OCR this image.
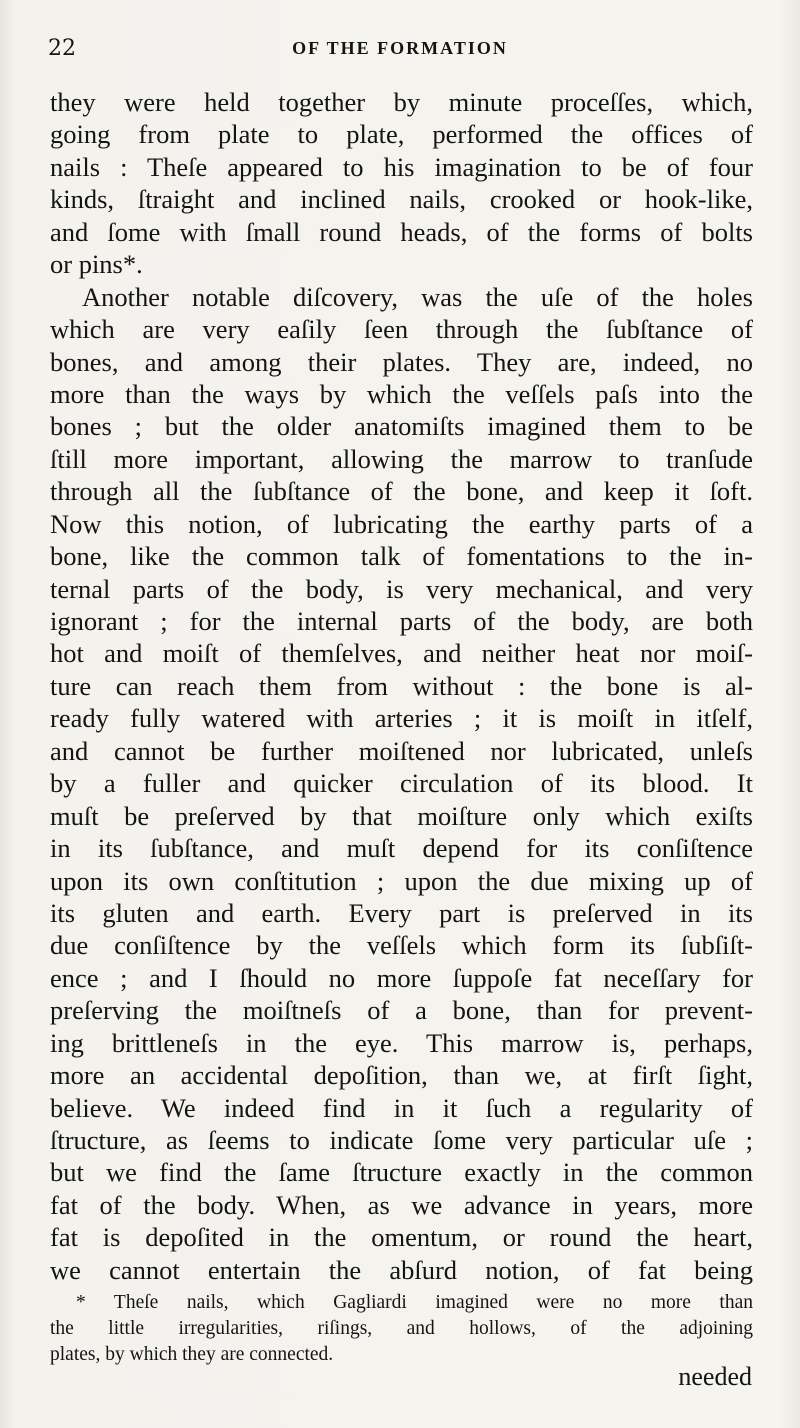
22	OF THE FORMATION
they were held together by minute proceſſes, which,
going from plate to plate, performed the offices of
nails : Theſe appeared to his imagination to be of four
kinds, ſtraight and inclined nails, crooked or hook-like,
and ſome with ſmall round heads, of the forms of bolts
or pins*.
Another notable diſcovery, was the uſe of the holes
which are very eaſily ſeen through the ſubſtance of
bones, and among their plates. They are, indeed, no
more than the ways by which the veſſels paſs into the
bones ; but the older anatomiſts imagined them to be
ſtill more important, allowing the marrow to tranſude
through all the ſubſtance of the bone, and keep it ſoft.
Now this notion, of lubricating the earthy parts of a
bone, like the common talk of fomentations to the in-
ternal parts of the body, is very mechanical, and very
ignorant ; for the internal parts of the body, are both
hot and moiſt of themſelves, and neither heat nor moiſ-
ture can reach them from without : the bone is al-
ready fully watered with arteries ; it is moiſt in itſelf,
and cannot be further moiſtened nor lubricated, unleſs
by a fuller and quicker circulation of its blood. It
muſt be preſerved by that moiſture only which exiſts
in its ſubſtance, and muſt depend for its conſiſtence
upon its own conſtitution ; upon the due mixing up of
its gluten and earth. Every part is preſerved in its
due conſiſtence by the veſſels which form its ſubſiſt-
ence ; and I ſhould no more ſuppoſe fat neceſſary for
preſerving the moiſtneſs of a bone, than for prevent-
ing brittleneſs in the eye. This marrow is, perhaps,
more an accidental depoſition, than we, at firſt ſight,
believe. We indeed find in it ſuch a regularity of
ſtructure, as ſeems to indicate ſome very particular uſe ;
but we find the ſame ſtructure exactly in the common
fat of the body. When, as we advance in years, more
fat is depoſited in the omentum, or round the heart,
we cannot entertain the abſurd notion, of fat being
* Theſe nails, which Gagliardi imagined were no more than
the little irregularities, riſings, and hollows, of the adjoining
plates, by which they are connected.
needed
